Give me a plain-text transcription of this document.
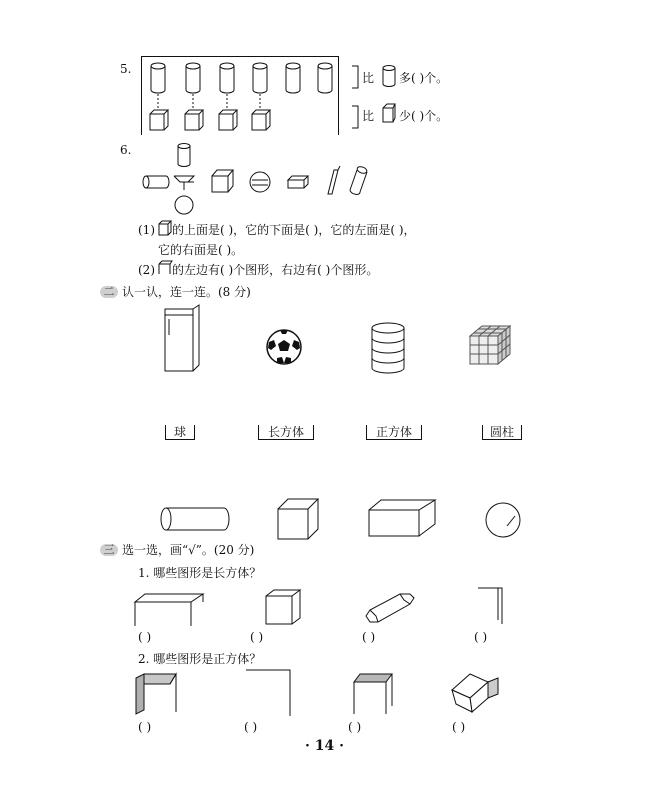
5.
比 多( )个。
比 少( )个。
6.
(1) 的上面是( )，它的下面是( )，它的左面是( )，
它的右面是( )。
(2) 的左边有( )个图形，右边有( )个图形。
二 认一认，连一连。(8 分)
球	长方体	正方体	圆柱
三 选一选，画“√”。(20 分)
1. 哪些图形是长方体？
( )	( )	( )	( )
2. 哪些图形是正方体？
( )	( )	( )	( )
· 14 ·
